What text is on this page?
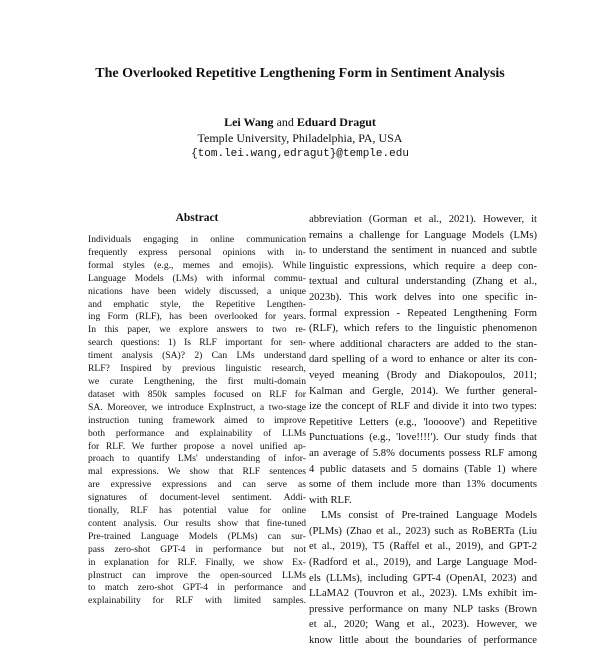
The Overlooked Repetitive Lengthening Form in Sentiment Analysis
Lei Wang and Eduard Dragut
Temple University, Philadelphia, PA, USA
{tom.lei.wang,edragut}@temple.edu
Abstract
Individuals engaging in online communication
frequently express personal opinions with in-
formal styles (e.g., memes and emojis). While
Language Models (LMs) with informal commu-
nications have been widely discussed, a unique
and emphatic style, the Repetitive Lengthen-
ing Form (RLF), has been overlooked for years.
In this paper, we explore answers to two re-
search questions: 1) Is RLF important for sen-
timent analysis (SA)? 2) Can LMs understand
RLF? Inspired by previous linguistic research,
we curate Lengthening, the first multi-domain
dataset with 850k samples focused on RLF for
SA. Moreover, we introduce ExpInstruct, a two-stage
instruction tuning framework aimed to improve
both performance and explainability of LLMs
for RLF. We further propose a novel unified ap-
proach to quantify LMs' understanding of infor-
mal expressions. We show that RLF sentences
are expressive expressions and can serve as
signatures of document-level sentiment. Addi-
tionally, RLF has potential value for online
content analysis. Our results show that fine-tuned
Pre-trained Language Models (PLMs) can sur-
pass zero-shot GPT-4 in performance but not
in explanation for RLF. Finally, we show Ex-
pInstruct can improve the open-sourced LLMs
to match zero-shot GPT-4 in performance and
explainability for RLF with limited samples.
abbreviation (Gorman et al., 2021). However, it
remains a challenge for Language Models (LMs)
to understand the sentiment in nuanced and subtle
linguistic expressions, which require a deep con-
textual and cultural understanding (Zhang et al.,
2023b). This work delves into one specific in-
formal expression - Repeated Lengthening Form
(RLF), which refers to the linguistic phenomenon
where additional characters are added to the stan-
dard spelling of a word to enhance or alter its con-
veyed meaning (Brody and Diakopoulos, 2011;
Kalman and Gergle, 2014). We further general-
ize the concept of RLF and divide it into two types:
Repetitive Letters (e.g., 'loooove') and Repetitive
Punctuations (e.g., 'love!!!!'). Our study finds that
an average of 5.8% documents possess RLF among
4 public datasets and 5 domains (Table 1) where
some of them include more than 13% documents
with RLF.
LMs consist of Pre-trained Language Models
(PLMs) (Zhao et al., 2023) such as RoBERTa (Liu
et al., 2019), T5 (Raffel et al., 2019), and GPT-2
(Radford et al., 2019), and Large Language Mod-
els (LLMs), including GPT-4 (OpenAI, 2023) and
LLaMA2 (Touvron et al., 2023). LMs exhibit im-
pressive performance on many NLP tasks (Brown
et al., 2020; Wang et al., 2023). However, we
know little about the boundaries of performance
